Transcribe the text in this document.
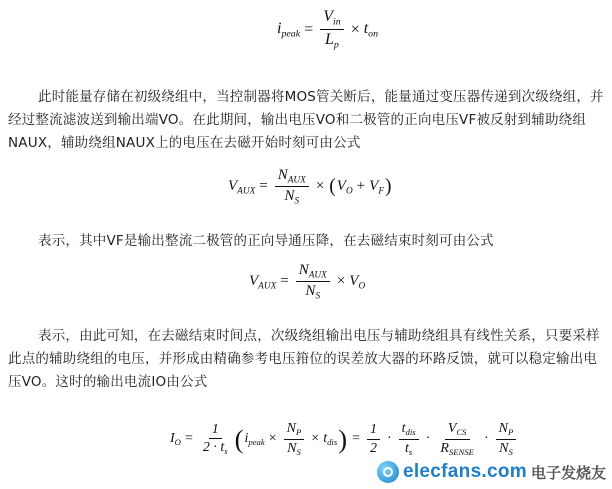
$i_{peak} = \frac{V_{in}}{L_p} \times t_{on}$
此时能量存储在初级绕组中，当控制器将MOS管关断后，能量通过变压器传递到次级绕组，并经过整流滤波送到输出端VO。在此期间，输出电压VO和二极管的正向电压VF被反射到辅助绕组NAUX，辅助绕组NAUX上的电压在去磁开始时刻可由公式
$V_{AUX} = \frac{N_{AUX}}{N_S}$ × ( $V_O + V_F$ )
表示，其中VF是输出整流二极管的正向导通压降，在去磁结束时刻可由公式
$V_{AUX} = \frac{N_{AUX}}{N_S} \times V_O$
表示，由此可知，在去磁结束时间点，次级绕组输出电压与辅助绕组具有线性关系，只要采样此点的辅助绕组的电压，并形成由精确参考电压箝位的误差放大器的环路反馈，就可以稳定输出电压VO。这时的输出电流IO由公式
$I_O = \frac{1}{2 \cdot t_s}$ ( $i_{peak} \times \frac{N_P}{N_S} \times t_{dis}$ ) = $\frac{1}{2} \cdot \frac{t_{dis}}{t_s} \cdot \frac{V_{CS}}{R_{SENSE}} \cdot \frac{N_P}{N_S}$
elecfans.com 电子发烧友
